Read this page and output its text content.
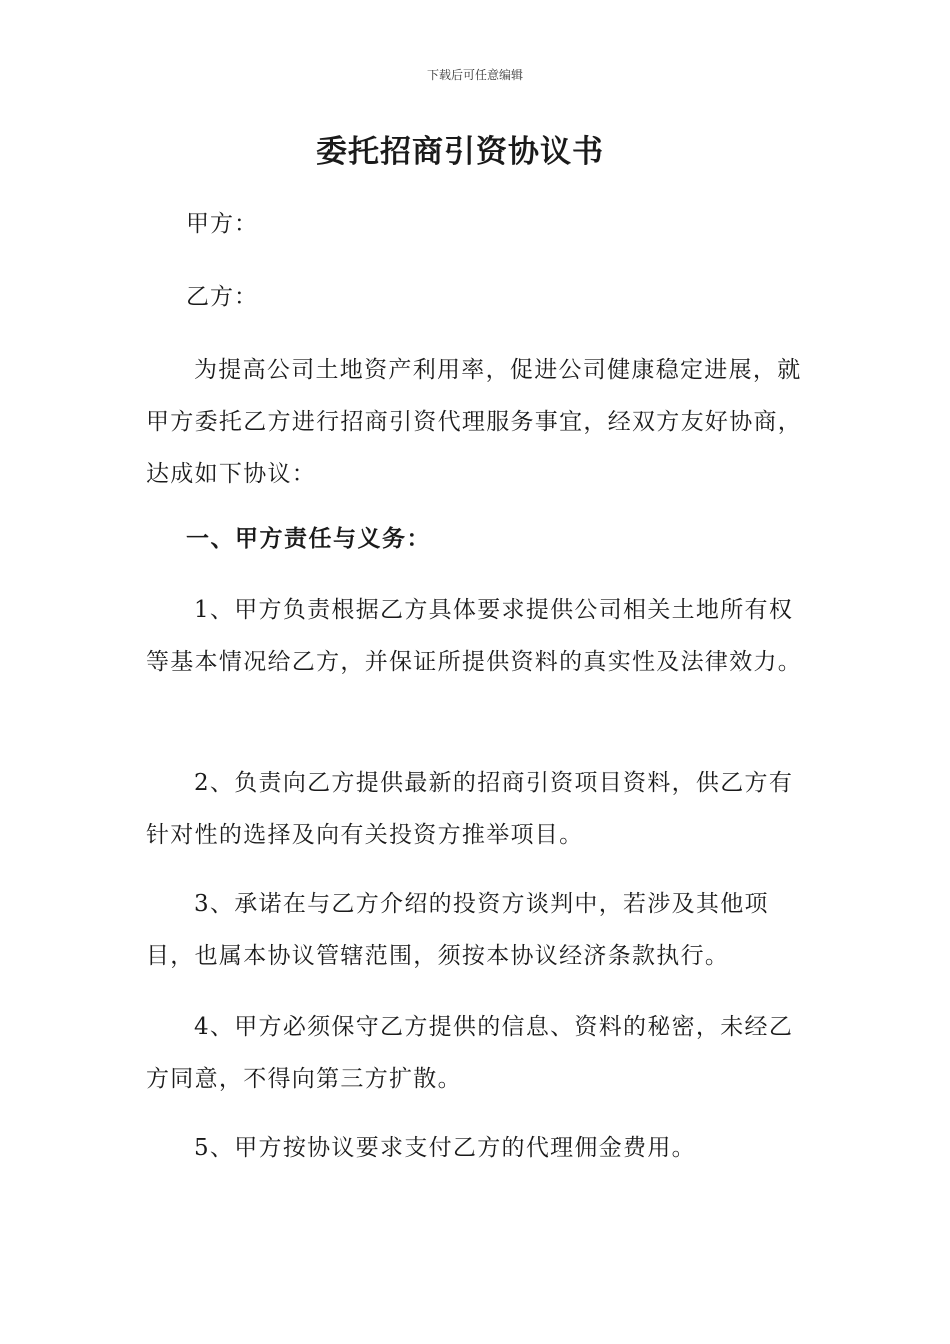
下载后可任意编辑
委托招商引资协议书
甲方：
乙方：

为提高公司土地资产利用率，促进公司健康稳定进展，就甲方委托乙方进行招商引资代理服务事宜，经双方友好协商，达成如下协议：

一、甲方责任与义务：

1、甲方负责根据乙方具体要求提供公司相关土地所有权等基本情况给乙方，并保证所提供资料的真实性及法律效力。

2、负责向乙方提供最新的招商引资项目资料，供乙方有针对性的选择及向有关投资方推举项目。

3、承诺在与乙方介绍的投资方谈判中，若涉及其他项目，也属本协议管辖范围，须按本协议经济条款执行。

4、甲方必须保守乙方提供的信息、资料的秘密，未经乙方同意，不得向第三方扩散。

5、甲方按协议要求支付乙方的代理佣金费用。
